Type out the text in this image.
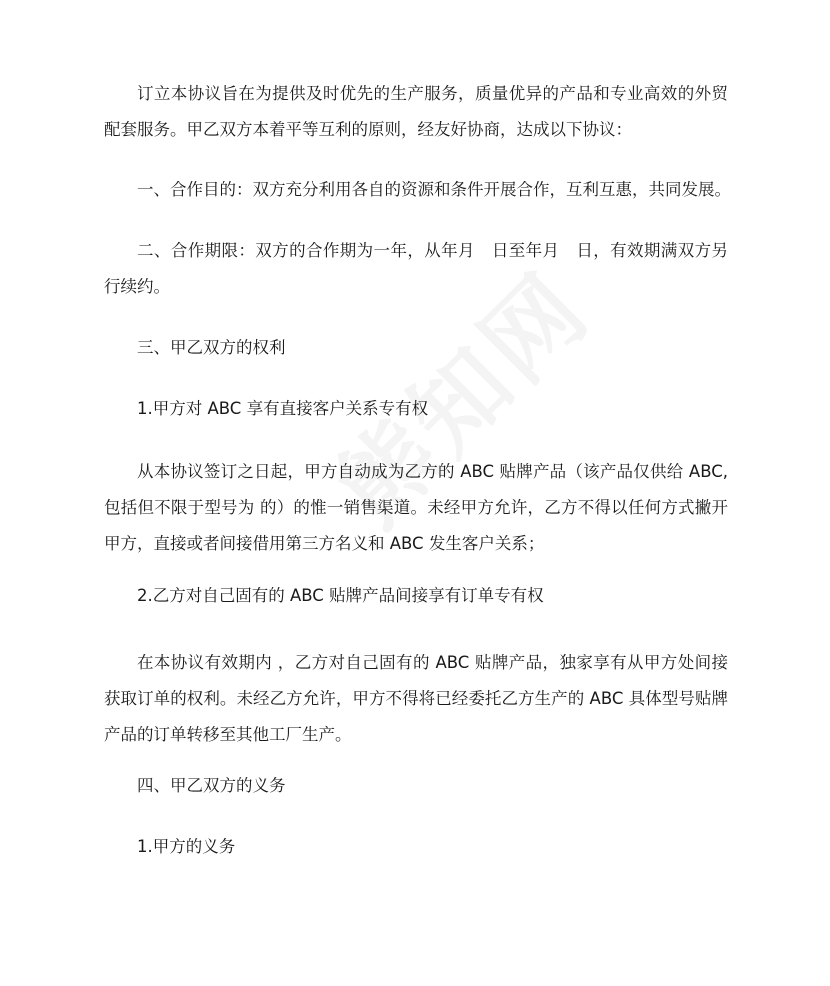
订立本协议旨在为提供及时优先的生产服务，质量优异的产品和专业高效的外贸配套服务。甲乙双方本着平等互利的原则，经友好协商，达成以下协议：

一、合作目的：双方充分利用各自的资源和条件开展合作，互利互惠，共同发展。

二、合作期限：双方的合作期为一年，从年月　日至年月　日，有效期满双方另行续约。

三、甲乙双方的权利

1.甲方对 ABC 享有直接客户关系专有权

从本协议签订之日起，甲方自动成为乙方的 ABC 贴牌产品（该产品仅供给 ABC,包括但不限于型号为 的）的惟一销售渠道。未经甲方允许，乙方不得以任何方式撇开甲方，直接或者间接借用第三方名义和 ABC 发生客户关系；

2.乙方对自己固有的 ABC 贴牌产品间接享有订单专有权

在本协议有效期内 ，乙方对自己固有的 ABC 贴牌产品，独家享有从甲方处间接获取订单的权利。未经乙方允许，甲方不得将已经委托乙方生产的 ABC 具体型号贴牌产品的订单转移至其他工厂生产。

四、甲乙双方的义务

1.甲方的义务
